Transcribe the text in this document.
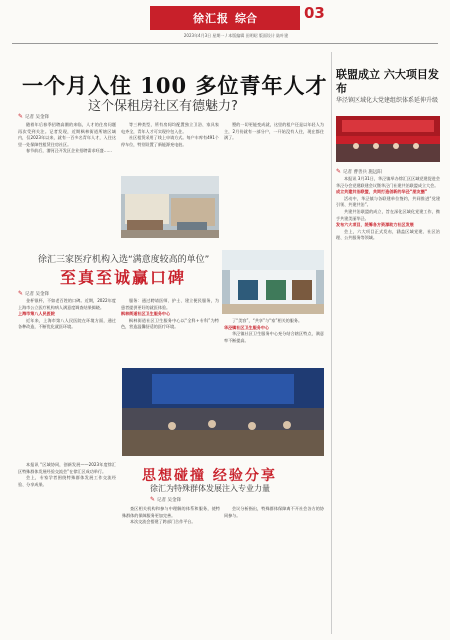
徐汇报 综合	03
2023年4月3日 星期一 / 本版编辑 田明昭 版面设计 陆叶建
一个月入住 100 多位青年人才
这个保租房社区有德魅力?
✎ 记者 吴金锋

随着年后春季招聘高潮的来临，人才的住房问题再次受到关注。记者发现，近期枫林街道所辖区域内，仅2023年以来，就有一百多名青年人才，入住这里一处保障性租赁住房社区。

春节前后，漕河泾开发区企业招聘需求旺盛……

等三种类型，所有房间均配置独立卫浴、家具家电齐全，青年人才可实现拎包入住。

社区租赁采用了线上申请方式。每户车库有491个停车位，特别设置了新能源充电桩。

塑的一切更能变成就，这里的租户还是以年轻人为主，2月份就有一部分户，一开始没有人住，现在都住满了。

徐汇三家医疗机构入选“满意度较高的单位”
至真至诚赢口碑
✎ 记者 吴金锋

金杯银杯，不如老百姓的口碑。近期，2022年度上海市公立医疗机构病人满意度调查结果揭晓。

上海市第八人民医院

近年来，上海市第八人民医院在环境方面，通过各种改造，不断优化就医环境。

服务：通过聘请医师、护士、建立便民服务，为患者提供更好的就医体验。

枫林街道社区卫生服务中心

枫林街道社区卫生服务中心以“全科+专科”为特色，营造温馨舒适的医疗环境。

了“美容”，“共享”与“家”相关的服务。

华泾镇社区卫生服务中心

华泾镇社区卫生服务中心充分结合辖区特点，满意率不断提高。

本报讯 “区域协同，创新发展——2023年度徐汇区特殊群体发展经验交流会”在徐汇区成功举行。

会上，专家学者围绕特殊群体发展工作交流经验、分享成果。

思想碰撞 经验分享
徐汇为特殊群体发展注入专业力量
✎ 记者 吴金锋

查区相关机构和参与中理解的体系和服务，使特殊群体的保障服务更加完善。

本次交流会搭建了跨部门合作平台。

会议分析指出，特殊群体保障离不开社会各方的协同参与。

联盟成立 六大项目发布
华泾镇区域化大党建组织体系延伸升级
✎ 记者 曹善兵 施远阳

本报讯 3月31日，华泾镇举办徐汇区区域党建促进会华泾分会党建联建会议暨华泾门社建共治联盟成立大会。

成立共建共治联盟，共同打造创新的华泾“朋友圈”

活动中，华泾镇与各联建单位签约，共同推进“党建引领、共建共治”。

共建共治联盟的成立，旨在深化区域化党建工作，携手共建美丽华泾。

发布六大项目，统筹各方资源助力社区发展

会上，六大项目正式发布，涵盖区域党建、社区治理、公共服务等领域。
